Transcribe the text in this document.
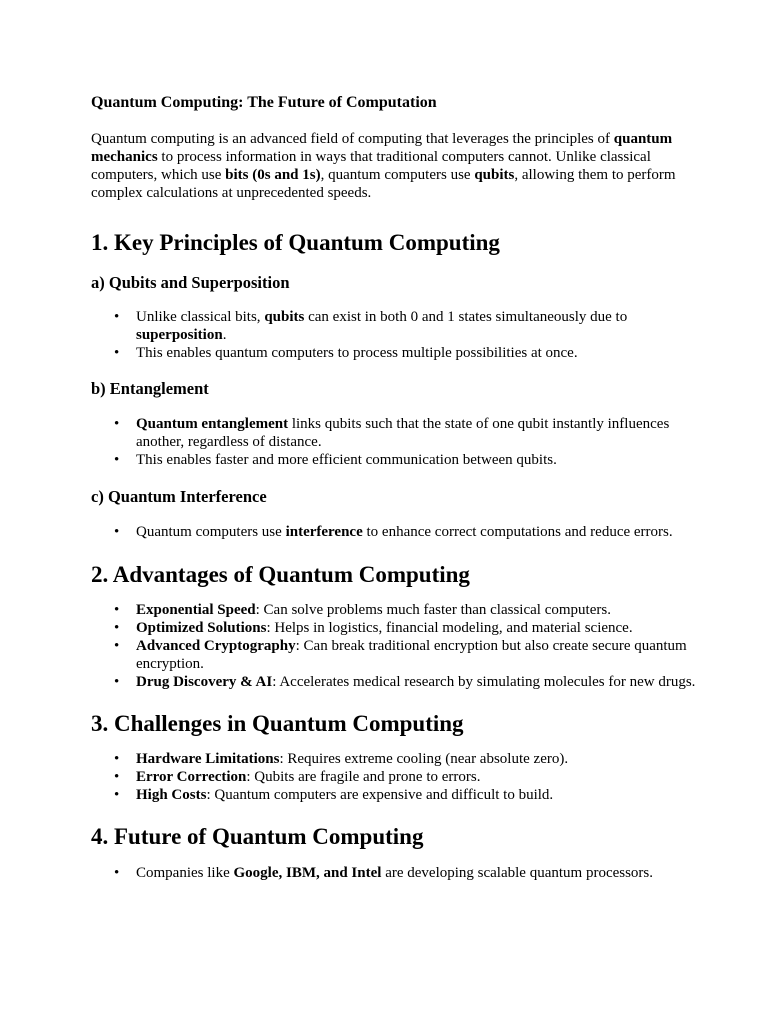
Quantum Computing: The Future of Computation

Quantum computing is an advanced field of computing that leverages the principles of quantum mechanics to process information in ways that traditional computers cannot. Unlike classical computers, which use bits (0s and 1s), quantum computers use qubits, allowing them to perform complex calculations at unprecedented speeds.

1. Key Principles of Quantum Computing
a) Qubits and Superposition
• Unlike classical bits, qubits can exist in both 0 and 1 states simultaneously due to superposition.
• This enables quantum computers to process multiple possibilities at once.
b) Entanglement
• Quantum entanglement links qubits such that the state of one qubit instantly influences another, regardless of distance.
• This enables faster and more efficient communication between qubits.
c) Quantum Interference
• Quantum computers use interference to enhance correct computations and reduce errors.
2. Advantages of Quantum Computing
• Exponential Speed: Can solve problems much faster than classical computers.
• Optimized Solutions: Helps in logistics, financial modeling, and material science.
• Advanced Cryptography: Can break traditional encryption but also create secure quantum encryption.
• Drug Discovery & AI: Accelerates medical research by simulating molecules for new drugs.
3. Challenges in Quantum Computing
• Hardware Limitations: Requires extreme cooling (near absolute zero).
• Error Correction: Qubits are fragile and prone to errors.
• High Costs: Quantum computers are expensive and difficult to build.
4. Future of Quantum Computing
• Companies like Google, IBM, and Intel are developing scalable quantum processors.
